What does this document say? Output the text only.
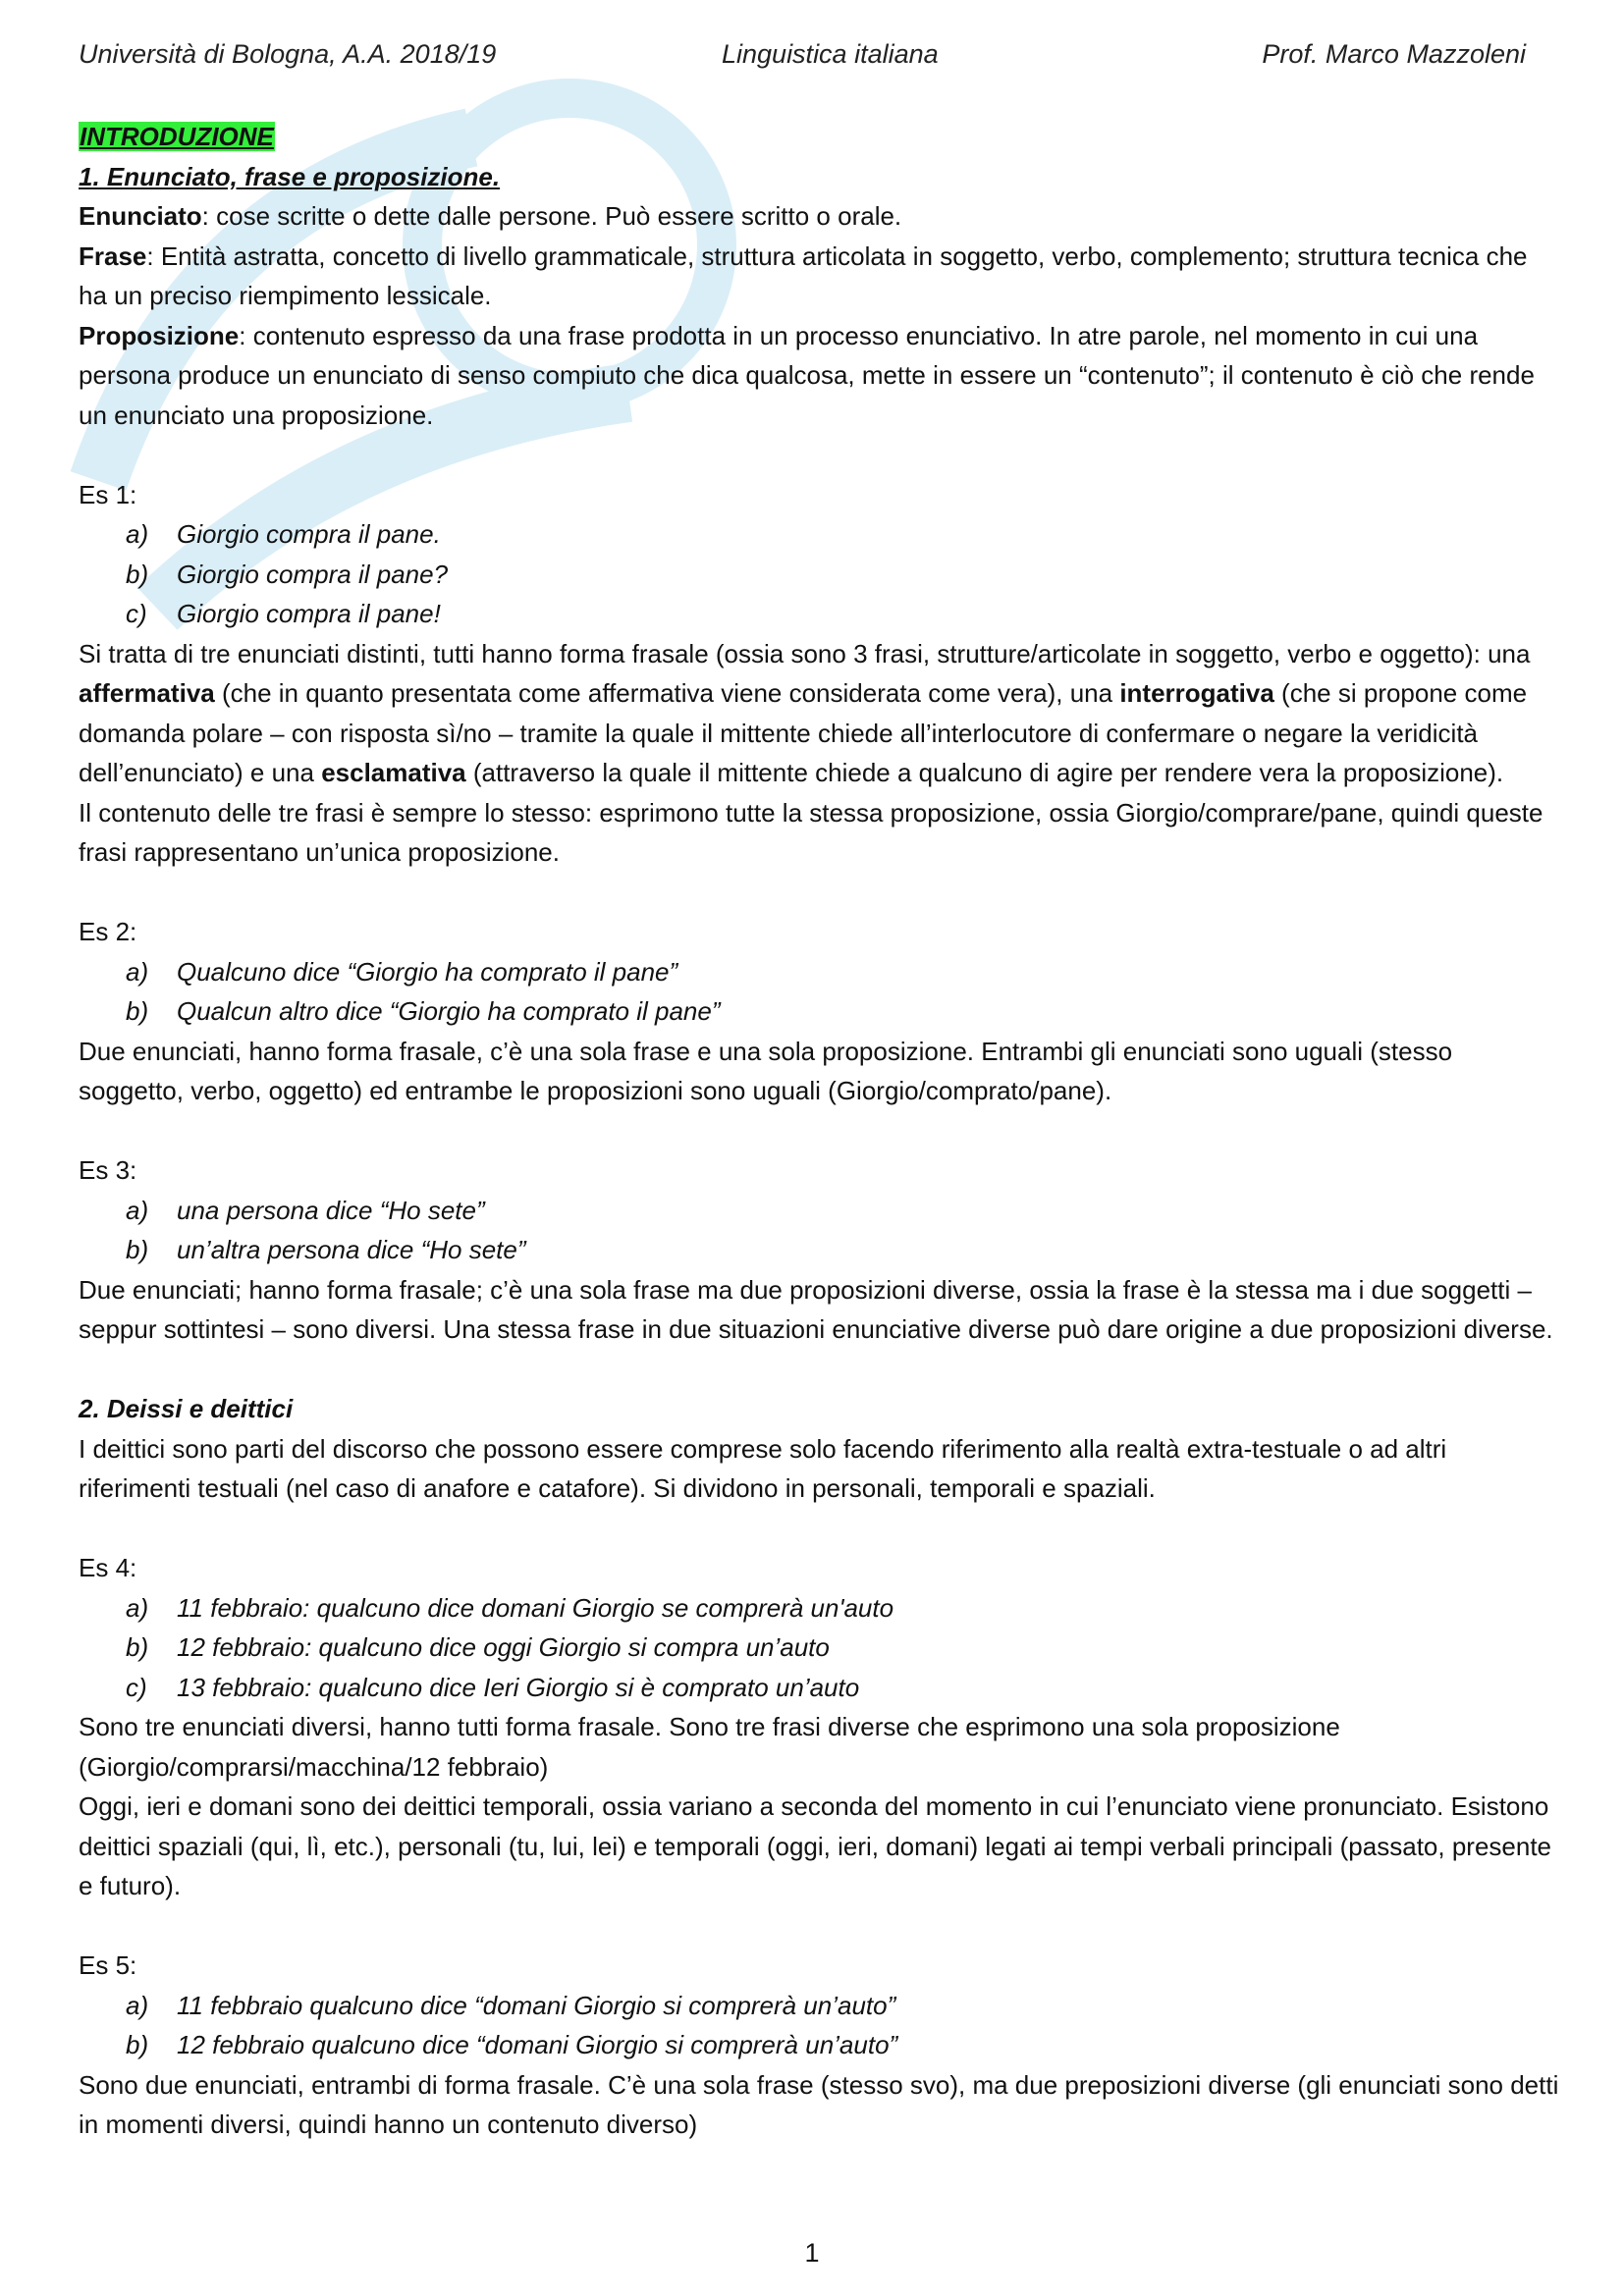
Università di Bologna, A.A. 2018/19	Linguistica italiana	Prof. Marco Mazzoleni

INTRODUZIONE

1. Enunciato, frase e proposizione.

Enunciato: cose scritte o dette dalle persone. Può essere scritto o orale.

Frase: Entità astratta, concetto di livello grammaticale, struttura articolata in soggetto, verbo, complemento; struttura tecnica che ha un preciso riempimento lessicale.

Proposizione: contenuto espresso da una frase prodotta in un processo enunciativo. In atre parole, nel momento in cui una persona produce un enunciato di senso compiuto che dica qualcosa, mette in essere un “contenuto”; il contenuto è ciò che rende un enunciato una proposizione.

Es 1:

a) Giorgio compra il pane.
b) Giorgio compra il pane?
c) Giorgio compra il pane!

Si tratta di tre enunciati distinti, tutti hanno forma frasale (ossia sono 3 frasi, strutture/articolate in soggetto, verbo e oggetto): una affermativa (che in quanto presentata come affermativa viene considerata come vera), una interrogativa (che si propone come domanda polare – con risposta sì/no – tramite la quale il mittente chiede all’interlocutore di confermare o negare la veridicità dell’enunciato) e una esclamativa (attraverso la quale il mittente chiede a qualcuno di agire per rendere vera la proposizione).

Il contenuto delle tre frasi è sempre lo stesso: esprimono tutte la stessa proposizione, ossia Giorgio/comprare/pane, quindi queste frasi rappresentano un’unica proposizione.

Es 2:

a) Qualcuno dice “Giorgio ha comprato il pane”
b) Qualcun altro dice “Giorgio ha comprato il pane”

Due enunciati, hanno forma frasale, c’è una sola frase e una sola proposizione. Entrambi gli enunciati sono uguali (stesso soggetto, verbo, oggetto) ed entrambe le proposizioni sono uguali (Giorgio/comprato/pane).

Es 3:

a) una persona dice “Ho sete”
b) un’altra persona dice “Ho sete”

Due enunciati; hanno forma frasale; c’è una sola frase ma due proposizioni diverse, ossia la frase è la stessa ma i due soggetti – seppur sottintesi – sono diversi. Una stessa frase in due situazioni enunciative diverse può dare origine a due proposizioni diverse.

2. Deissi e deittici

I deittici sono parti del discorso che possono essere comprese solo facendo riferimento alla realtà extra-testuale o ad altri riferimenti testuali (nel caso di anafore e catafore). Si dividono in personali, temporali e spaziali.

Es 4:

a) 11 febbraio: qualcuno dice domani Giorgio se comprerà un'auto
b) 12 febbraio: qualcuno dice oggi Giorgio si compra un’auto
c) 13 febbraio: qualcuno dice Ieri Giorgio si è comprato un’auto

Sono tre enunciati diversi, hanno tutti forma frasale. Sono tre frasi diverse che esprimono una sola proposizione (Giorgio/comprarsi/macchina/12 febbraio)

Oggi, ieri e domani sono dei deittici temporali, ossia variano a seconda del momento in cui l’enunciato viene pronunciato. Esistono deittici spaziali (qui, lì, etc.), personali (tu, lui, lei) e temporali (oggi, ieri, domani) legati ai tempi verbali principali (passato, presente e futuro).

Es 5:

a) 11 febbraio qualcuno dice “domani Giorgio si comprerà un’auto”
b) 12 febbraio qualcuno dice “domani Giorgio si comprerà un’auto”

Sono due enunciati, entrambi di forma frasale. C’è una sola frase (stesso svo), ma due preposizioni diverse (gli enunciati sono detti in momenti diversi, quindi hanno un contenuto diverso)

1
